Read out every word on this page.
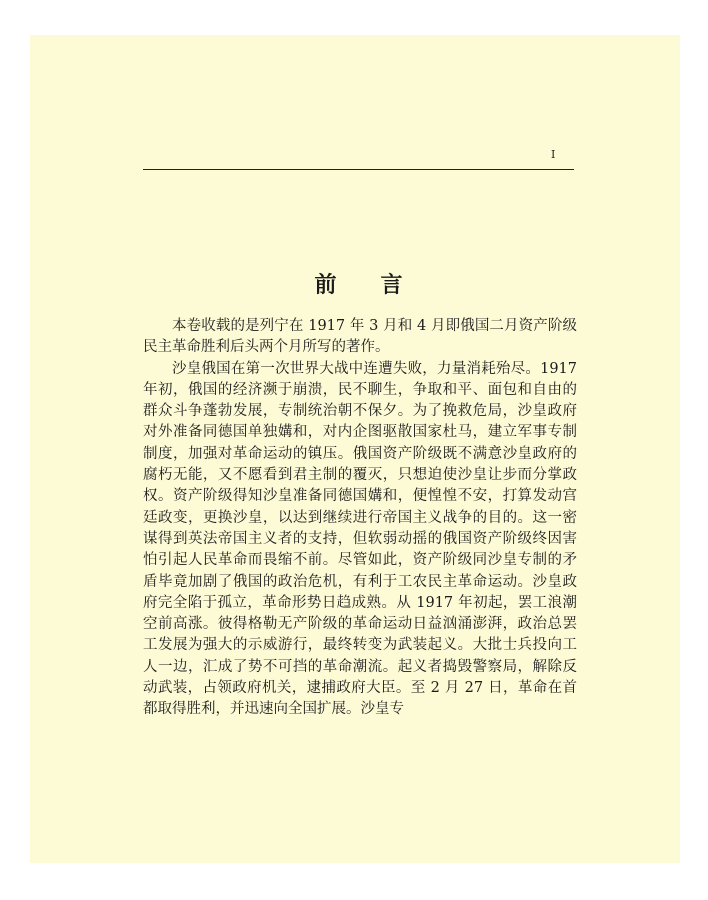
I
前言

本卷收载的是列宁在 1917 年 3 月和 4 月即俄国二月资产阶级民主革命胜利后头两个月所写的著作。

沙皇俄国在第一次世界大战中连遭失败，力量消耗殆尽。1917 年初，俄国的经济濒于崩溃，民不聊生，争取和平、面包和自由的群众斗争蓬勃发展，专制统治朝不保夕。为了挽救危局，沙皇政府对外准备同德国单独媾和，对内企图驱散国家杜马，建立军事专制制度，加强对革命运动的镇压。俄国资产阶级既不满意沙皇政府的腐朽无能，又不愿看到君主制的覆灭，只想迫使沙皇让步而分掌政权。资产阶级得知沙皇准备同德国媾和，便惶惶不安，打算发动宫廷政变，更换沙皇，以达到继续进行帝国主义战争的目的。这一密谋得到英法帝国主义者的支持，但软弱动摇的俄国资产阶级终因害怕引起人民革命而畏缩不前。尽管如此，资产阶级同沙皇专制的矛盾毕竟加剧了俄国的政治危机，有利于工农民主革命运动。沙皇政府完全陷于孤立，革命形势日趋成熟。从 1917 年初起，罢工浪潮空前高涨。彼得格勒无产阶级的革命运动日益汹涌澎湃，政治总罢工发展为强大的示威游行，最终转变为武装起义。大批士兵投向工人一边，汇成了势不可挡的革命潮流。起义者捣毁警察局，解除反动武装，占领政府机关，逮捕政府大臣。至 2 月 27 日，革命在首都取得胜利，并迅速向全国扩展。沙皇专
